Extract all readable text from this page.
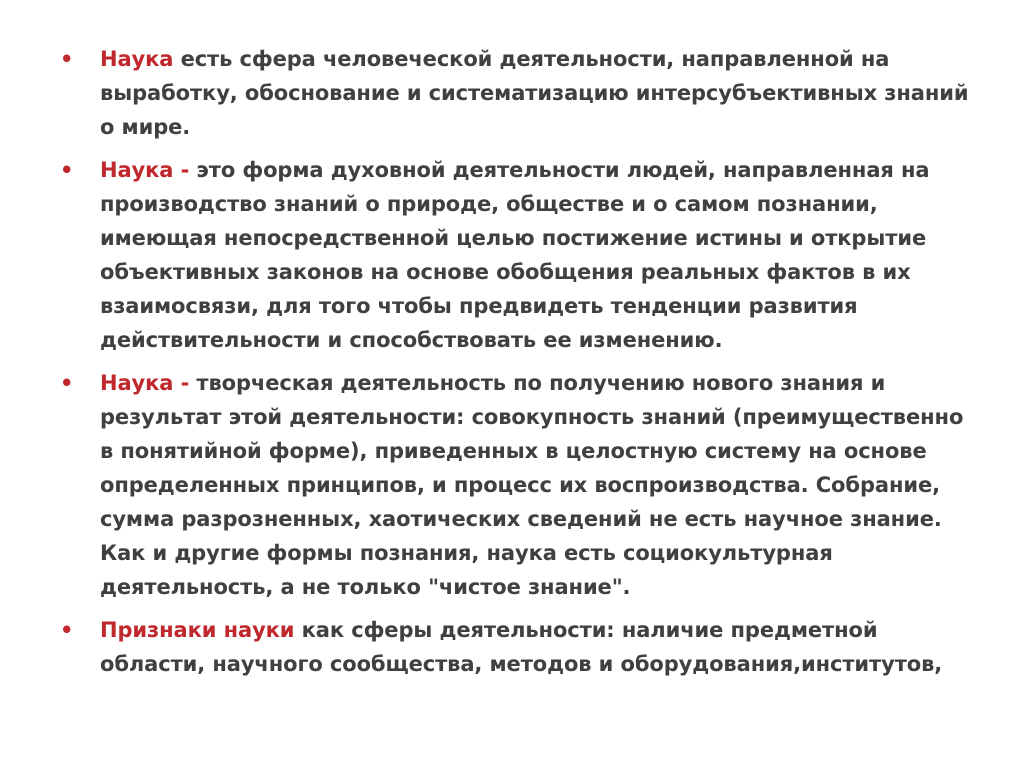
• Наука есть сфера человеческой деятельности, направленной на выработку, обоснование и систематизацию интерсубъективных знаний о мире.
• Наука - это форма духовной деятельности людей, направленная на производство знаний о природе, обществе и о самом познании, имеющая непосредственной целью постижение истины и открытие объективных законов на основе обобщения реальных фактов в их взаимосвязи, для того чтобы предвидеть тенденции развития действительности и способствовать ее изменению.
• Наука - творческая деятельность по получению нового знания и результат этой деятельности: совокупность знаний (преимущественно в понятийной форме), приведенных в целостную систему на основе определенных принципов, и процесс их воспроизводства. Собрание, сумма разрозненных, хаотических сведений не есть научное знание. Как и другие формы познания, наука есть социокультурная деятельность, а не только "чистое знание".
• Признаки науки как сферы деятельности: наличие предметной области, научного сообщества, методов и оборудования,институтов,
